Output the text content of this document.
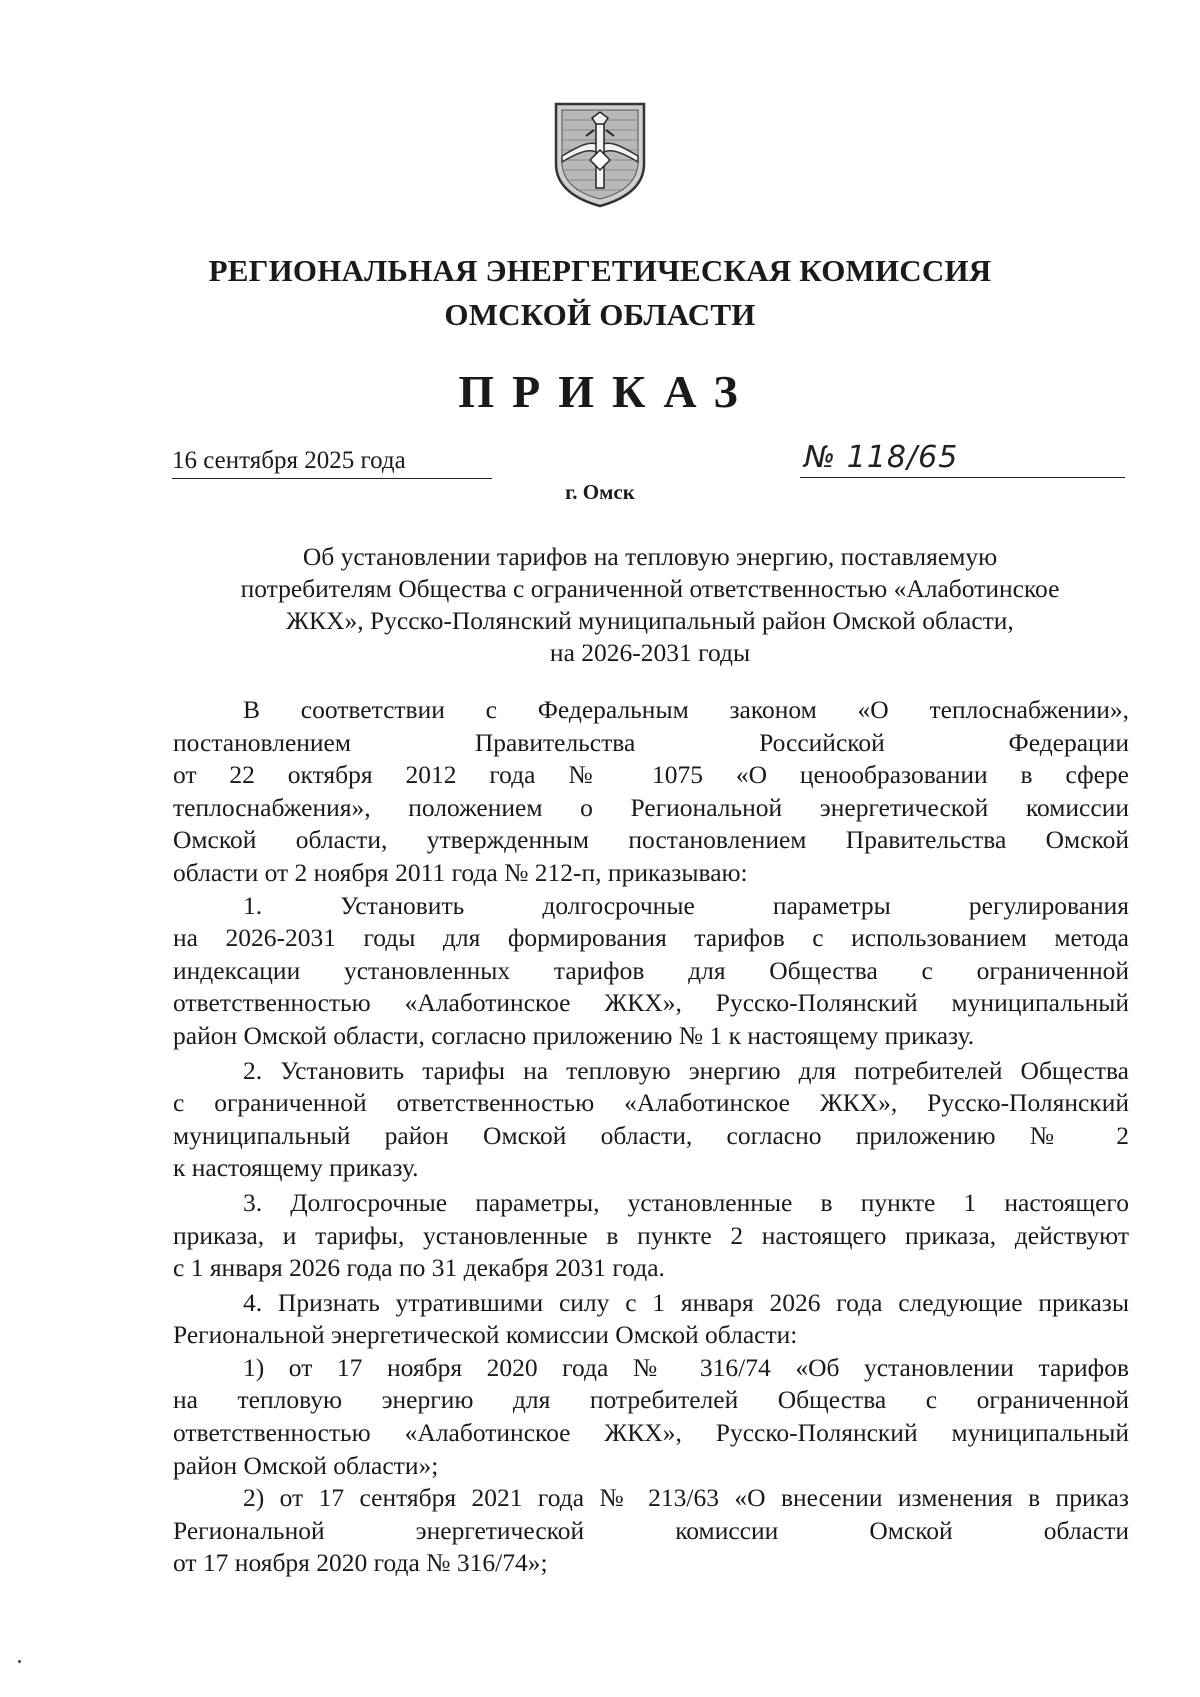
РЕГИОНАЛЬНАЯ ЭНЕРГЕТИЧЕСКАЯ КОМИССИЯ
ОМСКОЙ ОБЛАСТИ
ПРИКАЗ
16 сентября 2025 года	№ 118/65
г. Омск
Об установлении тарифов на тепловую энергию, поставляемую
потребителям Общества с ограниченной ответственностью «Алаботинское
ЖКХ», Русско-Полянский муниципальный район Омской области,
на 2026-2031 годы
В соответствии с Федеральным законом «О теплоснабжении»,
постановлением Правительства Российской Федерации
от 22 октября 2012 года № 1075 «О ценообразовании в сфере
теплоснабжения», положением о Региональной энергетической комиссии
Омской области, утвержденным постановлением Правительства Омской
области от 2 ноября 2011 года № 212-п, приказываю:
1. Установить долгосрочные параметры регулирования
на 2026-2031 годы для формирования тарифов с использованием метода
индексации установленных тарифов для Общества с ограниченной
ответственностью «Алаботинское ЖКХ», Русско-Полянский муниципальный
район Омской области, согласно приложению № 1 к настоящему приказу.
2. Установить тарифы на тепловую энергию для потребителей Общества
с ограниченной ответственностью «Алаботинское ЖКХ», Русско-Полянский
муниципальный район Омской области, согласно приложению № 2
к настоящему приказу.
3. Долгосрочные параметры, установленные в пункте 1 настоящего
приказа, и тарифы, установленные в пункте 2 настоящего приказа, действуют
с 1 января 2026 года по 31 декабря 2031 года.
4. Признать утратившими силу с 1 января 2026 года следующие приказы
Региональной энергетической комиссии Омской области:
1) от 17 ноября 2020 года № 316/74 «Об установлении тарифов
на тепловую энергию для потребителей Общества с ограниченной
ответственностью «Алаботинское ЖКХ», Русско-Полянский муниципальный
район Омской области»;
2) от 17 сентября 2021 года № 213/63 «О внесении изменения в приказ
Региональной энергетической комиссии Омской области
от 17 ноября 2020 года № 316/74»;
